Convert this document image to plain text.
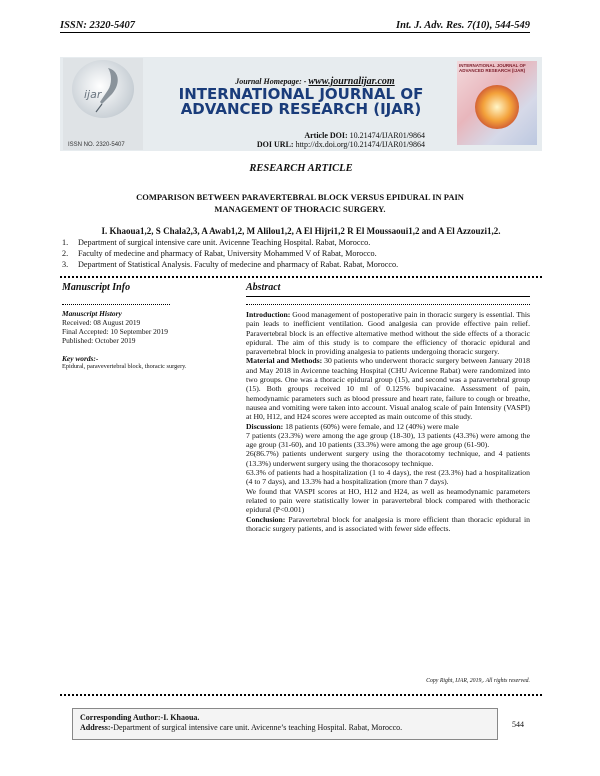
ISSN: 2320-5407	Int. J. Adv. Res. 7(10), 544-549
ijar
ISSN NO. 2320-5407
Journal Homepage: - www.journalijar.com
INTERNATIONAL JOURNAL OF
ADVANCED RESEARCH (IJAR)
Article DOI: 10.21474/IJAR01/9864
DOI URL: http://dx.doi.org/10.21474/IJAR01/9864
INTERNATIONAL JOURNAL OF ADVANCED RESEARCH (IJAR)
RESEARCH ARTICLE
COMPARISON BETWEEN PARAVERTEBRAL BLOCK VERSUS EPIDURAL IN PAIN
MANAGEMENT OF THORACIC SURGERY.
I. Khaoua1,2, S Chala2,3, A Awab1,2, M Alilou1,2, A El Hijri1,2 R El Moussaoui1,2 and A El Azzouzi1,2.
1.	Department of surgical intensive care unit. Avicenne Teaching Hospital. Rabat, Morocco.
2.	Faculty of medecine and pharmacy of Rabat, University Mohammed V of Rabat, Morocco.
3.	Department of Statistical Analysis. Faculty of medecine and pharmacy of Rabat. Rabat, Morocco.
Manuscript Info	Abstract
Manuscript History
Received: 08 August 2019
Final Accepted: 10 September 2019
Published: October 2019
Key words:-
Epidural, paravevertebral block, thoracic surgery.

Introduction: Good management of postoperative pain in thoracic surgery is essential. This pain leads to inefficient ventilation. Good analgesia can provide effective pain relief. Paravertebral block is an effective alternative method without the side effects of a thoracic epidural. The aim of this study is to compare the efficiency of thoracic epidural and paravertebral block in providing analgesia to patients undergoing thoracic surgery.

Material and Methods: 30 patients who underwent thoracic surgery between January 2018 and May 2018 in Avicenne teaching Hospital (CHU Avicenne Rabat) were randomized into two groups. One was a thoracic epidural group (15), and second was a paravertebral group (15). Both groups received 10 ml of 0.125% bupivacaine. Assessment of pain, hemodynamic parameters such as blood pressure and heart rate, failure to cough or breathe, nausea and vomiting were taken into account. Visual analog scale of pain Intensity (VASPI) at H0, H12, and H24 scores were accepted as main outcome of this study.

Discussion: 18 patients (60%) were female, and 12 (40%) were male

7 patients (23.3%) were among the age group (18-30), 13 patients (43.3%) were among the age group (31-60), and 10 patients (33.3%) were among the age group (61-90).

26(86.7%) patients underwent surgery using the thoracotomy technique, and 4 patients (13.3%) underwent surgery using the thoracosopy technique.

63.3% of patients had a hospitalization (1 to 4 days), the rest (23.3%) had a hospitalization (4 to 7 days), and 13.3% had a hospitalization (more than 7 days).

We found that VASPI scores at HO, H12 and H24, as well as heamodynamic parameters related to pain were statistically lower in paravertebral block compared with thethoracic epidural (P<0.001)

Conclusion: Paravertebral block for analgesia is more efficient than thoracic epidural in thoracic surgery patients, and is associated with fewer side effects.

Copy Right, IJAR, 2019,. All rights reserved.
Corresponding Author:-I. Khaoua.
Address:-Department of surgical intensive care unit. Avicenne’s teaching Hospital. Rabat, Morocco.	544
